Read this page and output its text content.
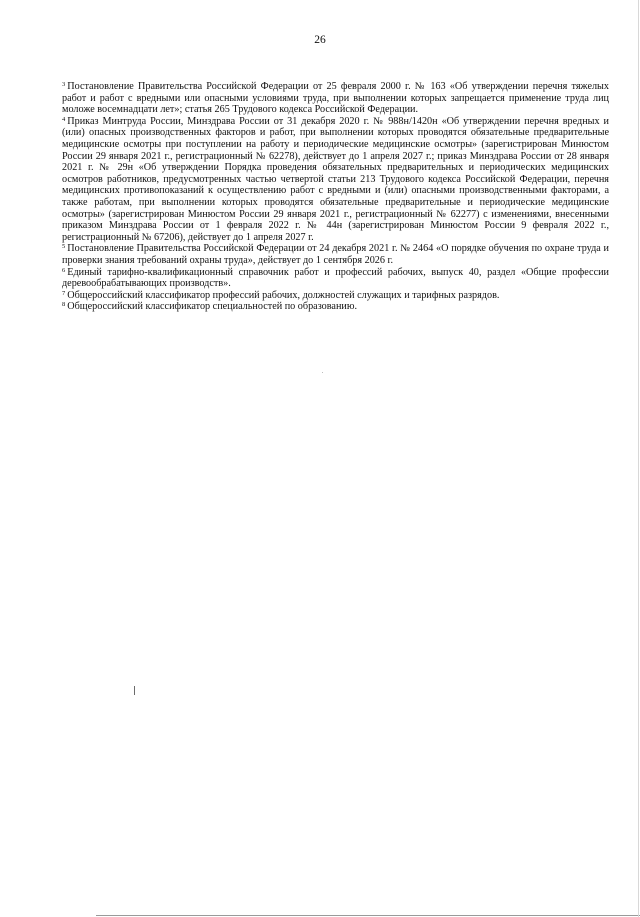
26

$^3$ Постановление Правительства Российской Федерации от 25 февраля 2000 г. № 163 «Об утверждении перечня тяжелых работ и работ с вредными или опасными условиями труда, при выполнении которых запрещается применение труда лиц моложе восемнадцати лет»; статья 265 Трудового кодекса Российской Федерации.

$^4$ Приказ Минтруда России, Минздрава России от 31 декабря 2020 г. № 988н/1420н «Об утверждении перечня вредных и (или) опасных производственных факторов и работ, при выполнении которых проводятся обязательные предварительные медицинские осмотры при поступлении на работу и периодические медицинские осмотры» (зарегистрирован Минюстом России 29 января 2021 г., регистрационный № 62278), действует до 1 апреля 2027 г.; приказ Минздрава России от 28 января 2021 г. № 29н «Об утверждении Порядка проведения обязательных предварительных и периодических медицинских осмотров работников, предусмотренных частью четвертой статьи 213 Трудового кодекса Российской Федерации, перечня медицинских противопоказаний к осуществлению работ с вредными и (или) опасными производственными факторами, а также работам, при выполнении которых проводятся обязательные предварительные и периодические медицинские осмотры» (зарегистрирован Минюстом России 29 января 2021 г., регистрационный № 62277) с изменениями, внесенными приказом Минздрава России от 1 февраля 2022 г. № 44н (зарегистрирован Минюстом России 9 февраля 2022 г., регистрационный № 67206), действует до 1 апреля 2027 г.

$^5$ Постановление Правительства Российской Федерации от 24 декабря 2021 г. № 2464 «О порядке обучения по охране труда и проверки знания требований охраны труда», действует до 1 сентября 2026 г.

$^6$ Единый тарифно-квалификационный справочник работ и профессий рабочих, выпуск 40, раздел «Общие профессии деревообрабатывающих производств».

$^7$ Общероссийский классификатор профессий рабочих, должностей служащих и тарифных разрядов.

$^8$ Общероссийский классификатор специальностей по образованию.
